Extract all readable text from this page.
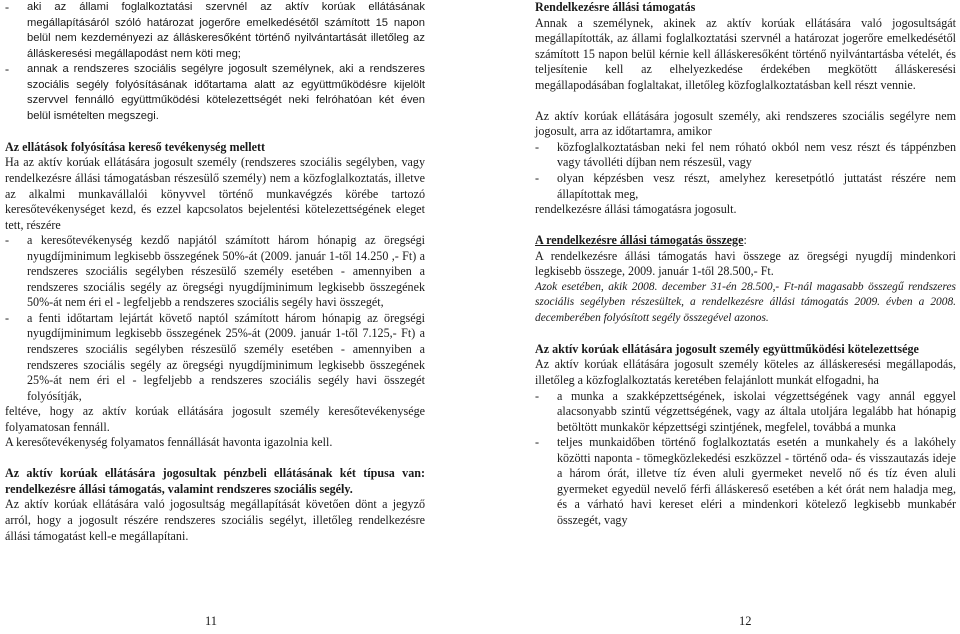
-	aki az állami foglalkoztatási szervnél az aktív korúak ellátásának megállapításáról szóló határozat jogerőre emelkedésétől számított 15 napon belül nem kezdeményezi az álláskeresőként történő nyilvántartását illetőleg az álláskeresési megállapodást nem köti meg;
-	annak a rendszeres szociális segélyre jogosult személynek, aki a rendszeres szociális segély folyósításának időtartama alatt az együttműködésre kijelölt szervvel fennálló együttműködési kötelezettségét neki felróhatóan két éven belül ismételten megszegi.

Az ellátások folyósítása kereső tevékenység mellett

Ha az aktív korúak ellátására jogosult személy (rendszeres szociális segélyben, vagy rendelkezésre állási támogatásban részesülő személy) nem a közfoglalkoztatás, illetve az alkalmi munkavállalói könyvvel történő munkavégzés körébe tartozó keresőtevékenységet kezd, és ezzel kapcsolatos bejelentési kötelezettségének eleget tett, részére

-	a keresőtevékenység kezdő napjától számított három hónapig az öregségi nyugdíjminimum legkisebb összegének 50%-át (2009. január 1-től 14.250 ,- Ft) a rendszeres szociális segélyben részesülő személy esetében - amennyiben a rendszeres szociális segély az öregségi nyugdíjminimum legkisebb összegének 50%-át nem éri el - legfeljebb a rendszeres szociális segély havi összegét,
-	a fenti időtartam lejártát követő naptól számított három hónapig az öregségi nyugdíjminimum legkisebb összegének 25%-át (2009. január 1-től 7.125,- Ft) a rendszeres szociális segélyben részesülő személy esetében - amennyiben a rendszeres szociális segély az öregségi nyugdíjminimum legkisebb összegének 25%-át nem éri el - legfeljebb a rendszeres szociális segély havi összegét folyósítják,

feltéve, hogy az aktív korúak ellátására jogosult személy keresőtevékenysége folyamatosan fennáll.

A keresőtevékenység folyamatos fennállását havonta igazolnia kell.

Az aktív korúak ellátására jogosultak pénzbeli ellátásának két típusa van: rendelkezésre állási támogatás, valamint rendszeres szociális segély.

Az aktív korúak ellátására való jogosultság megállapítását követően dönt a jegyző arról, hogy a jogosult részére rendszeres szociális segélyt, illetőleg rendelkezésre állási támogatást kell-e megállapítani.

Rendelkezésre állási támogatás

Annak a személynek, akinek az aktív korúak ellátására való jogosultságát megállapították, az állami foglalkoztatási szervnél a határozat jogerőre emelkedésétől számított 15 napon belül kérnie kell álláskeresőként történő nyilvántartásba vételét, és teljesítenie kell az elhelyezkedése érdekében megkötött álláskeresési megállapodásában foglaltakat, illetőleg közfoglalkoztatásban kell részt vennie.

Az aktív korúak ellátására jogosult személy, aki rendszeres szociális segélyre nem jogosult, arra az időtartamra, amikor

-	közfoglalkoztatásban neki fel nem róható okból nem vesz részt és táppénzben vagy távolléti díjban nem részesül, vagy
-	olyan képzésben vesz részt, amelyhez keresetpótló juttatást részére nem állapítottak meg,

rendelkezésre állási támogatásra jogosult.

A rendelkezésre állási támogatás összege:

A rendelkezésre állási támogatás havi összege az öregségi nyugdíj mindenkori legkisebb összege, 2009. január 1-től 28.500,- Ft.

Azok esetében, akik 2008. december 31-én 28.500,- Ft-nál magasabb összegű rendszeres szociális segélyben részesültek, a rendelkezésre állási támogatás 2009. évben a 2008. decemberében folyósított segély összegével azonos.

Az aktív korúak ellátására jogosult személy együttműködési kötelezettsége

Az aktív korúak ellátására jogosult személy köteles az álláskeresési megállapodás, illetőleg a közfoglalkoztatás keretében felajánlott munkát elfogadni, ha

-	a munka a szakképzettségének, iskolai végzettségének vagy annál eggyel alacsonyabb szintű végzettségének, vagy az általa utoljára legalább hat hónapig betöltött munkakör képzettségi szintjének, megfelel, továbbá a munka
-	teljes munkaidőben történő foglalkoztatás esetén a munkahely és a lakóhely közötti naponta - tömegközlekedési eszközzel - történő oda- és visszautazás ideje a három órát, illetve tíz éven aluli gyermeket nevelő nő és tíz éven aluli gyermeket egyedül nevelő férfi álláskereső esetében a két órát nem haladja meg, és a várható havi kereset eléri a mindenkori kötelező legkisebb munkabér összegét, vagy
11	12
